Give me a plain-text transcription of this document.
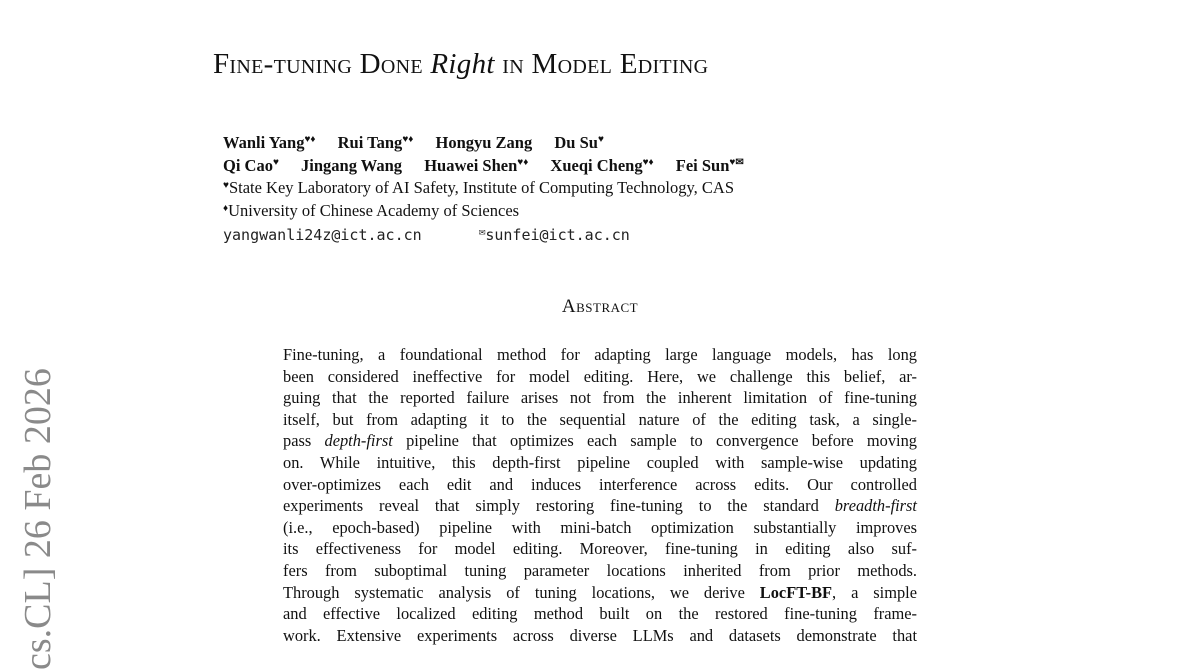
Fine-tuning Done Right in Model Editing
Wanli Yang♥♦ Rui Tang♥♦ Hongyu Zang Du Su♥
Qi Cao♥ Jingang Wang Huawei Shen♥♦ Xueqi Cheng♥♦ Fei Sun♥✉
♥State Key Laboratory of AI Safety, Institute of Computing Technology, CAS
♦University of Chinese Academy of Sciences
yangwanli24z@ict.ac.cn	✉sunfei@ict.ac.cn
Abstract
Fine-tuning, a foundational method for adapting large language models, has long
been considered ineffective for model editing. Here, we challenge this belief, ar-
guing that the reported failure arises not from the inherent limitation of fine-tuning
itself, but from adapting it to the sequential nature of the editing task, a single-
pass depth-first pipeline that optimizes each sample to convergence before moving
on. While intuitive, this depth-first pipeline coupled with sample-wise updating
over-optimizes each edit and induces interference across edits. Our controlled
experiments reveal that simply restoring fine-tuning to the standard breadth-first
(i.e., epoch-based) pipeline with mini-batch optimization substantially improves
its effectiveness for model editing. Moreover, fine-tuning in editing also suf-
fers from suboptimal tuning parameter locations inherited from prior methods.
Through systematic analysis of tuning locations, we derive LocFT-BF, a simple
and effective localized editing method built on the restored fine-tuning frame-
work. Extensive experiments across diverse LLMs and datasets demonstrate that
cs.CL] 26 Feb 2026
